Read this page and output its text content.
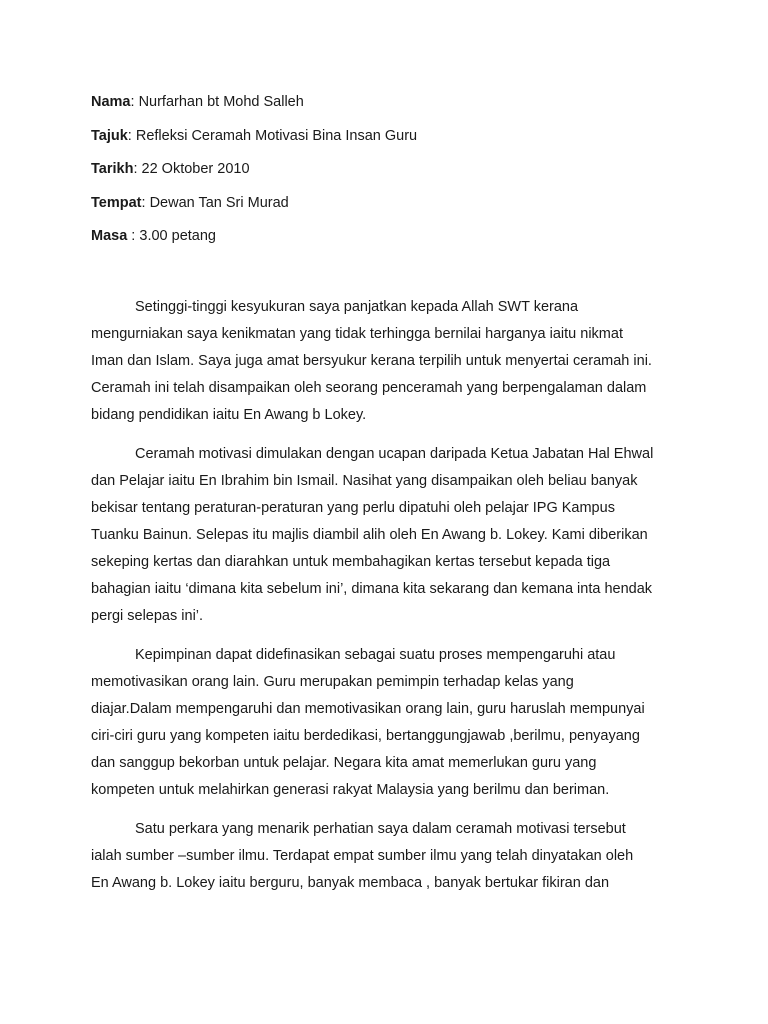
Nama: Nurfarhan bt Mohd Salleh
Tajuk: Refleksi Ceramah Motivasi Bina Insan Guru
Tarikh: 22 Oktober 2010
Tempat: Dewan Tan Sri Murad
Masa : 3.00 petang
Setinggi-tinggi kesyukuran saya panjatkan kepada Allah SWT kerana
mengurniakan saya kenikmatan yang tidak terhingga bernilai harganya iaitu nikmat
Iman dan Islam. Saya juga amat bersyukur kerana terpilih untuk menyertai ceramah ini.
Ceramah ini telah disampaikan oleh seorang penceramah yang berpengalaman dalam
bidang pendidikan iaitu En Awang b Lokey.
Ceramah motivasi dimulakan dengan ucapan daripada Ketua Jabatan Hal Ehwal
dan Pelajar iaitu En Ibrahim bin Ismail. Nasihat yang disampaikan oleh beliau banyak
bekisar tentang peraturan-peraturan yang perlu dipatuhi oleh pelajar IPG Kampus
Tuanku Bainun. Selepas itu majlis diambil alih oleh En Awang b. Lokey. Kami diberikan
sekeping kertas dan diarahkan untuk membahagikan kertas tersebut kepada tiga
bahagian iaitu ‘dimana kita sebelum ini’, dimana kita sekarang dan kemana inta hendak
pergi selepas ini’.
Kepimpinan dapat didefinasikan sebagai suatu proses mempengaruhi atau
memotivasikan orang lain. Guru merupakan pemimpin terhadap kelas yang
diajar.Dalam mempengaruhi dan memotivasikan orang lain, guru haruslah mempunyai
ciri-ciri guru yang kompeten iaitu berdedikasi, bertanggungjawab ,berilmu, penyayang
dan sanggup bekorban untuk pelajar. Negara kita amat memerlukan guru yang
kompeten untuk melahirkan generasi rakyat Malaysia yang berilmu dan beriman.
Satu perkara yang menarik perhatian saya dalam ceramah motivasi tersebut
ialah sumber –sumber ilmu. Terdapat empat sumber ilmu yang telah dinyatakan oleh
En Awang b. Lokey iaitu berguru, banyak membaca , banyak bertukar fikiran dan
